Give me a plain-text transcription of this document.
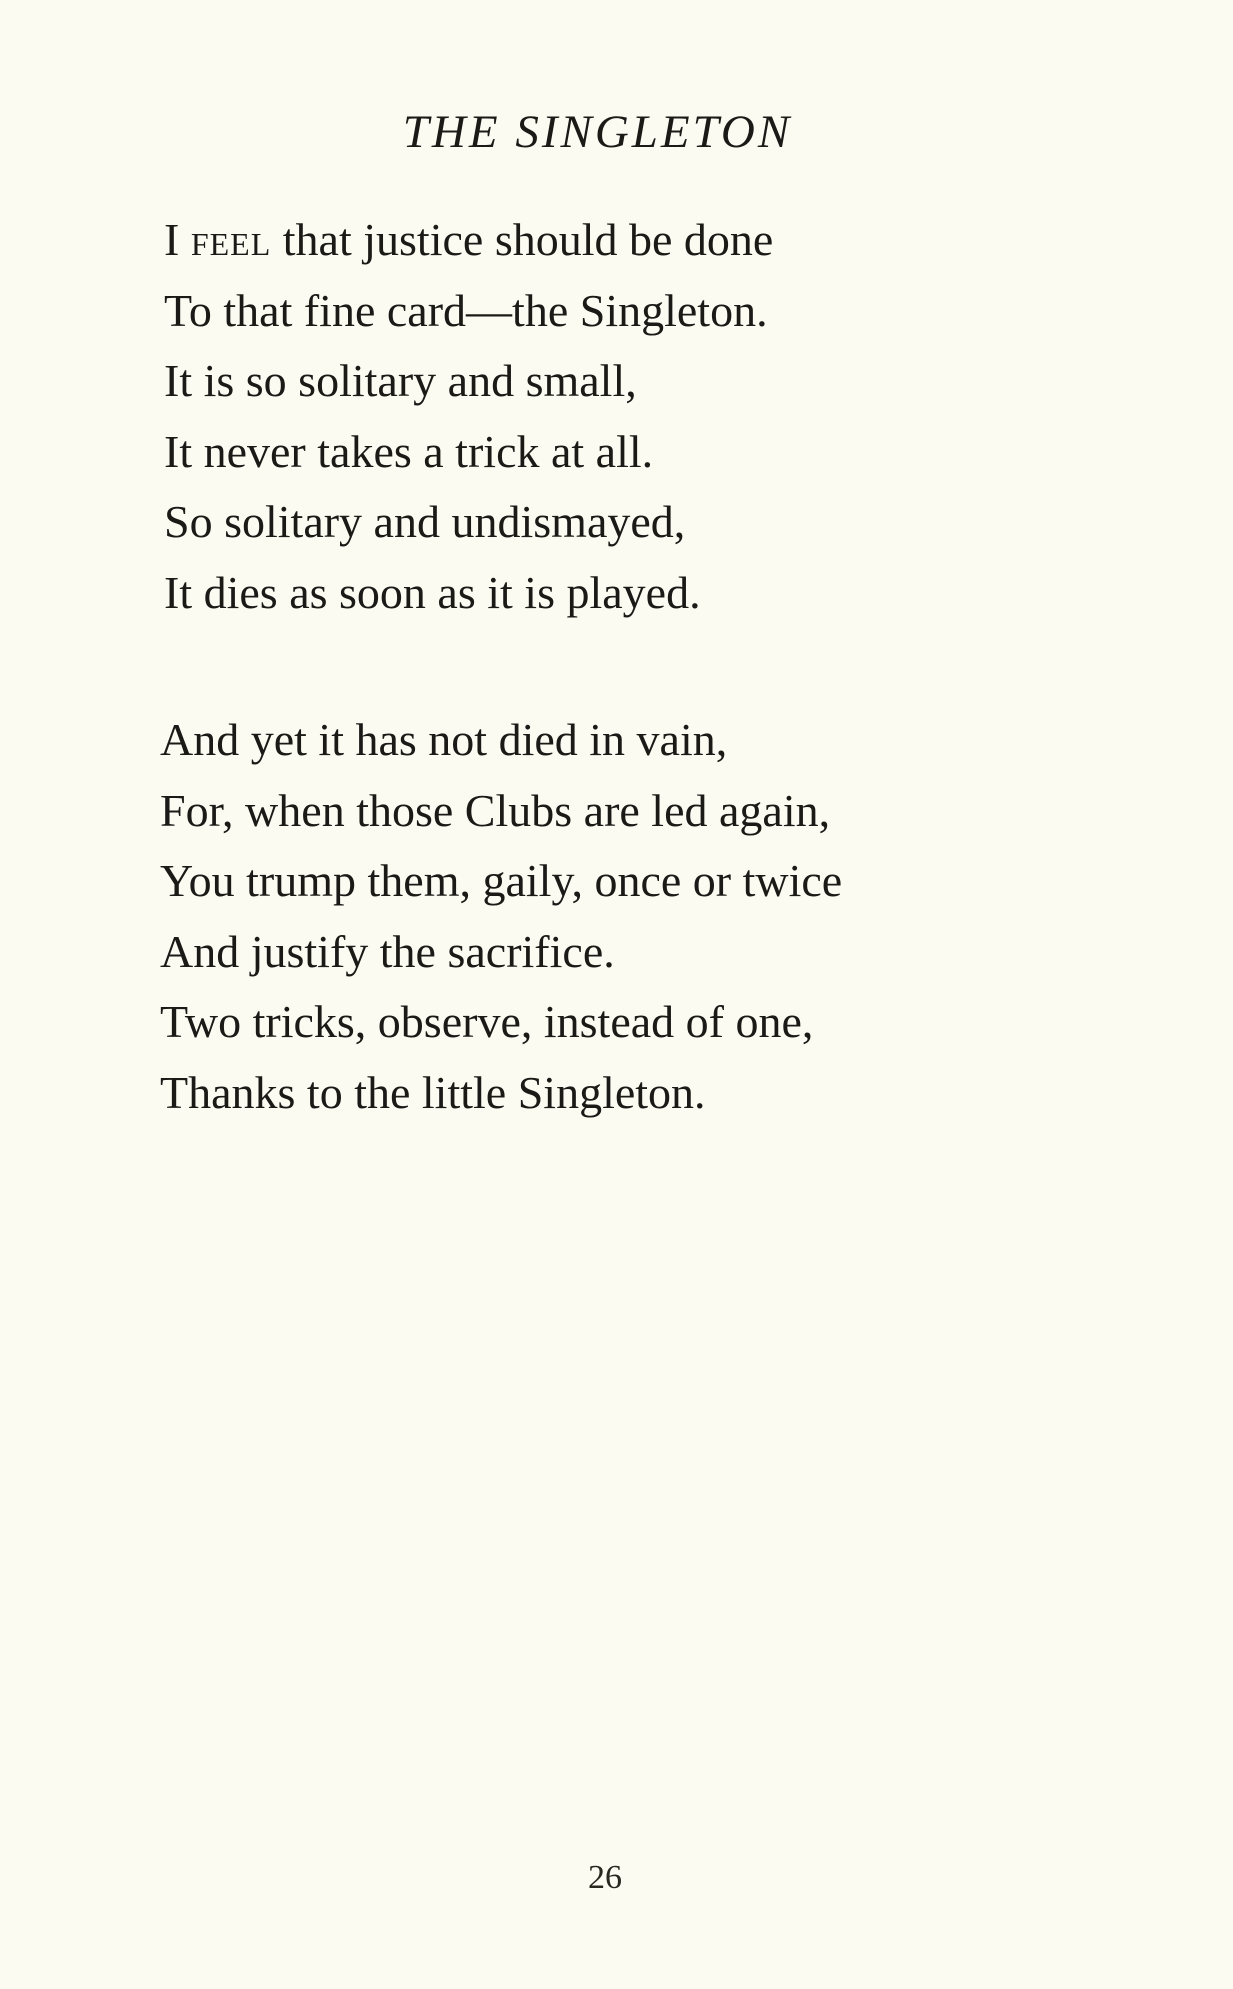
THE SINGLETON
I feel that justice should be done
To that fine card—the Singleton.
It is so solitary and small,
It never takes a trick at all.
So solitary and undismayed,
It dies as soon as it is played.
And yet it has not died in vain,
For, when those Clubs are led again,
You trump them, gaily, once or twice
And justify the sacrifice.
Two tricks, observe, instead of one,
Thanks to the little Singleton.
26
